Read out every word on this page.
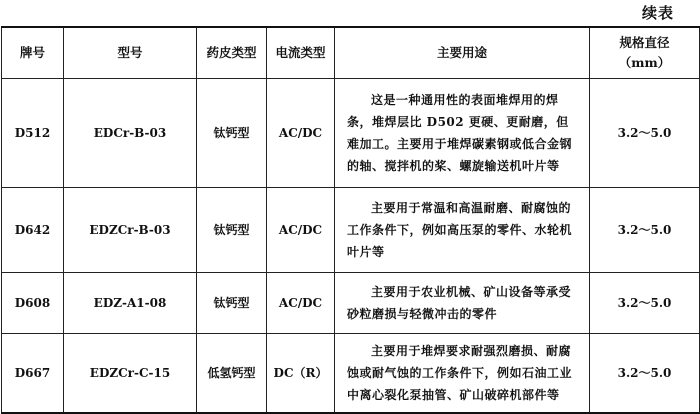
续表
牌号	型号	药皮类型	电流类型	主要用途	规格直径
（mm）

D512	EDCr-B-03	钛钙型	AC/DC	这是一种通用性的表面堆焊用的焊条，堆焊层比 D502 更硬、更耐磨，但难加工。主要用于堆焊碳素钢或低合金钢的轴、搅拌机的桨、螺旋输送机叶片等	3.2～5.0
D642	EDZCr-B-03	钛钙型	AC/DC	主要用于常温和高温耐磨、耐腐蚀的工作条件下，例如高压泵的零件、水轮机叶片等	3.2～5.0
D608	EDZ-A1-08	钛钙型	AC/DC	主要用于农业机械、矿山设备等承受砂粒磨损与轻微冲击的零件	3.2～5.0
D667	EDZCr-C-15	低氢钙型	DC（R）	主要用于堆焊要求耐强烈磨损、耐腐蚀或耐气蚀的工作条件下，例如石油工业中离心裂化泵抽管、矿山破碎机部件等	3.2～5.0
